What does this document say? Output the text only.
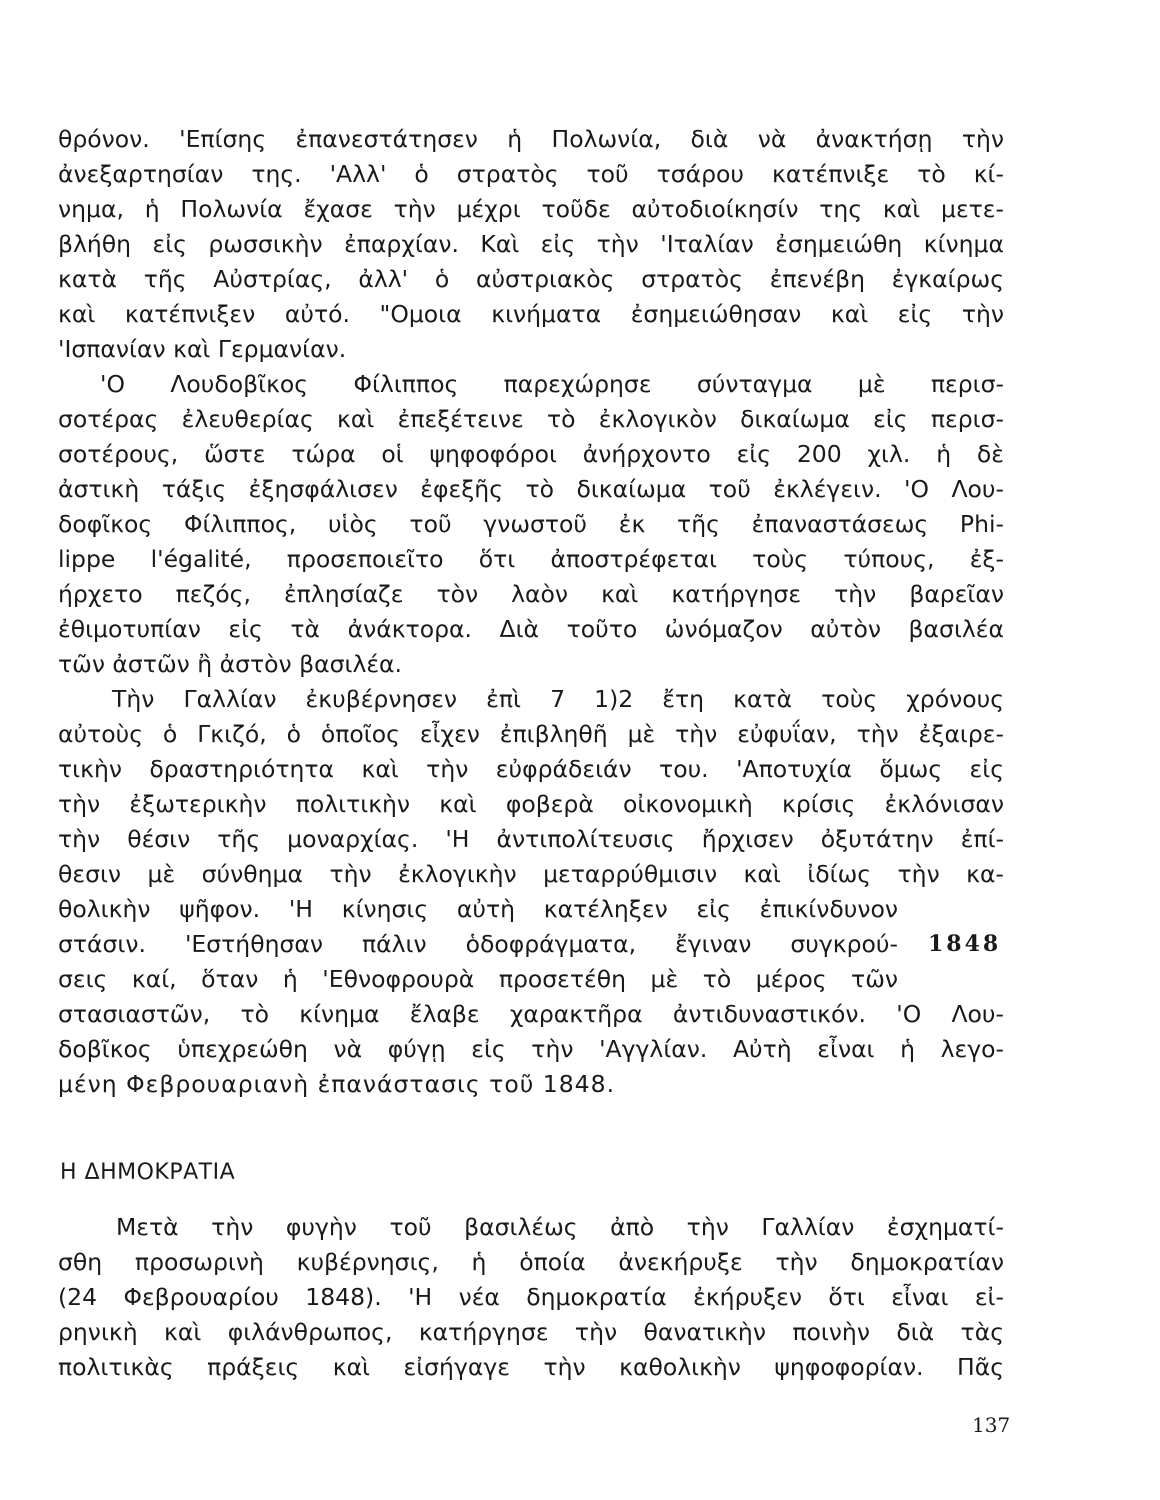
θρόνον. 'Επίσης ἐπανεστάτησεν ἡ Πολωνία, διὰ νὰ ἀνακτήσῃ τὴν
ἀνεξαρτησίαν της. 'Αλλ' ὁ στρατὸς τοῦ τσάρου κατέπνιξε τὸ κί-
νημα, ἡ Πολωνία ἔχασε τὴν μέχρι τοῦδε αὐτοδιοίκησίν της καὶ μετε-
βλήθη εἰς ρωσσικὴν ἐπαρχίαν. Καὶ εἰς τὴν 'Ιταλίαν ἐσημειώθη κίνημα
κατὰ τῆς Αὐστρίας, ἀλλ' ὁ αὐστριακὸς στρατὸς ἐπενέβη ἐγκαίρως
καὶ κατέπνιξεν αὐτό. "Ομοια κινήματα ἐσημειώθησαν καὶ εἰς τὴν
'Ισπανίαν καὶ Γερμανίαν.
'Ο Λουδοβῖκος Φίλιππος παρεχώρησε σύνταγμα μὲ περισ-
σοτέρας ἐλευθερίας καὶ ἐπεξέτεινε τὸ ἐκλογικὸν δικαίωμα εἰς περισ-
σοτέρους, ὥστε τώρα οἱ ψηφοφόροι ἀνήρχοντο εἰς 200 χιλ. ἡ δὲ
ἀστικὴ τάξις ἐξησφάλισεν ἐφεξῆς τὸ δικαίωμα τοῦ ἐκλέγειν. 'Ο Λου-
δοφῖκος Φίλιππος, υἱὸς τοῦ γνωστοῦ ἐκ τῆς ἐπαναστάσεως Phi-
lippe l'égalité, προσεποιεῖτο ὅτι ἀποστρέφεται τοὺς τύπους, ἐξ-
ήρχετο πεζός, ἐπλησίαζε τὸν λαὸν καὶ κατήργησε τὴν βαρεῖαν
ἐθιμοτυπίαν εἰς τὰ ἀνάκτορα. Διὰ τοῦτο ὠνόμαζον αὐτὸν βασιλέα
τῶν ἀστῶν ἢ ἀστὸν βασιλέα.
Τὴν Γαλλίαν ἐκυβέρνησεν ἐπὶ 7 1)2 ἔτη κατὰ τοὺς χρόνους
αὐτοὺς ὁ Γκιζό, ὁ ὁποῖος εἶχεν ἐπιβληθῆ μὲ τὴν εὐφυΐαν, τὴν ἐξαιρε-
τικὴν δραστηριότητα καὶ τὴν εὐφράδειάν του. 'Αποτυχία ὅμως εἰς
τὴν ἐξωτερικὴν πολιτικὴν καὶ φοβερὰ οἰκονομικὴ κρίσις ἐκλόνισαν
τὴν θέσιν τῆς μοναρχίας. 'Η ἀντιπολίτευσις ἤρχισεν ὀξυτάτην ἐπί-
θεσιν μὲ σύνθημα τὴν ἐκλογικὴν μεταρρύθμισιν καὶ ἰδίως τὴν κα-
θολικὴν ψῆφον. 'Η κίνησις αὐτὴ κατέληξεν εἰς ἐπικίνδυνον
στάσιν. 'Εστήθησαν πάλιν ὁδοφράγματα, ἔγιναν συγκρού-
σεις καί, ὅταν ἡ 'Εθνοφρουρὰ προσετέθη μὲ τὸ μέρος τῶν
στασιαστῶν, τὸ κίνημα ἔλαβε χαρακτῆρα ἀντιδυναστικόν. 'Ο Λου-
δοβῖκος ὑπεχρεώθη νὰ φύγῃ εἰς τὴν 'Αγγλίαν. Αὐτὴ εἶναι ἡ λεγο-
μένη Φεβρουαριανὴ ἐπανάστασις τοῦ 1848.
1848
Η ΔΗΜΟΚΡΑΤΙΑ
Μετὰ τὴν φυγὴν τοῦ βασιλέως ἀπὸ τὴν Γαλλίαν ἐσχηματί-
σθη προσωρινὴ κυβέρνησις, ἡ ὁποία ἀνεκήρυξε τὴν δημοκρατίαν
(24 Φεβρουαρίου 1848). 'Η νέα δημοκρατία ἐκήρυξεν ὅτι εἶναι εἰ-
ρηνικὴ καὶ φιλάνθρωπος, κατήργησε τὴν θανατικὴν ποινὴν διὰ τὰς
πολιτικὰς πράξεις καὶ εἰσήγαγε τὴν καθολικὴν ψηφοφορίαν. Πᾶς
137
